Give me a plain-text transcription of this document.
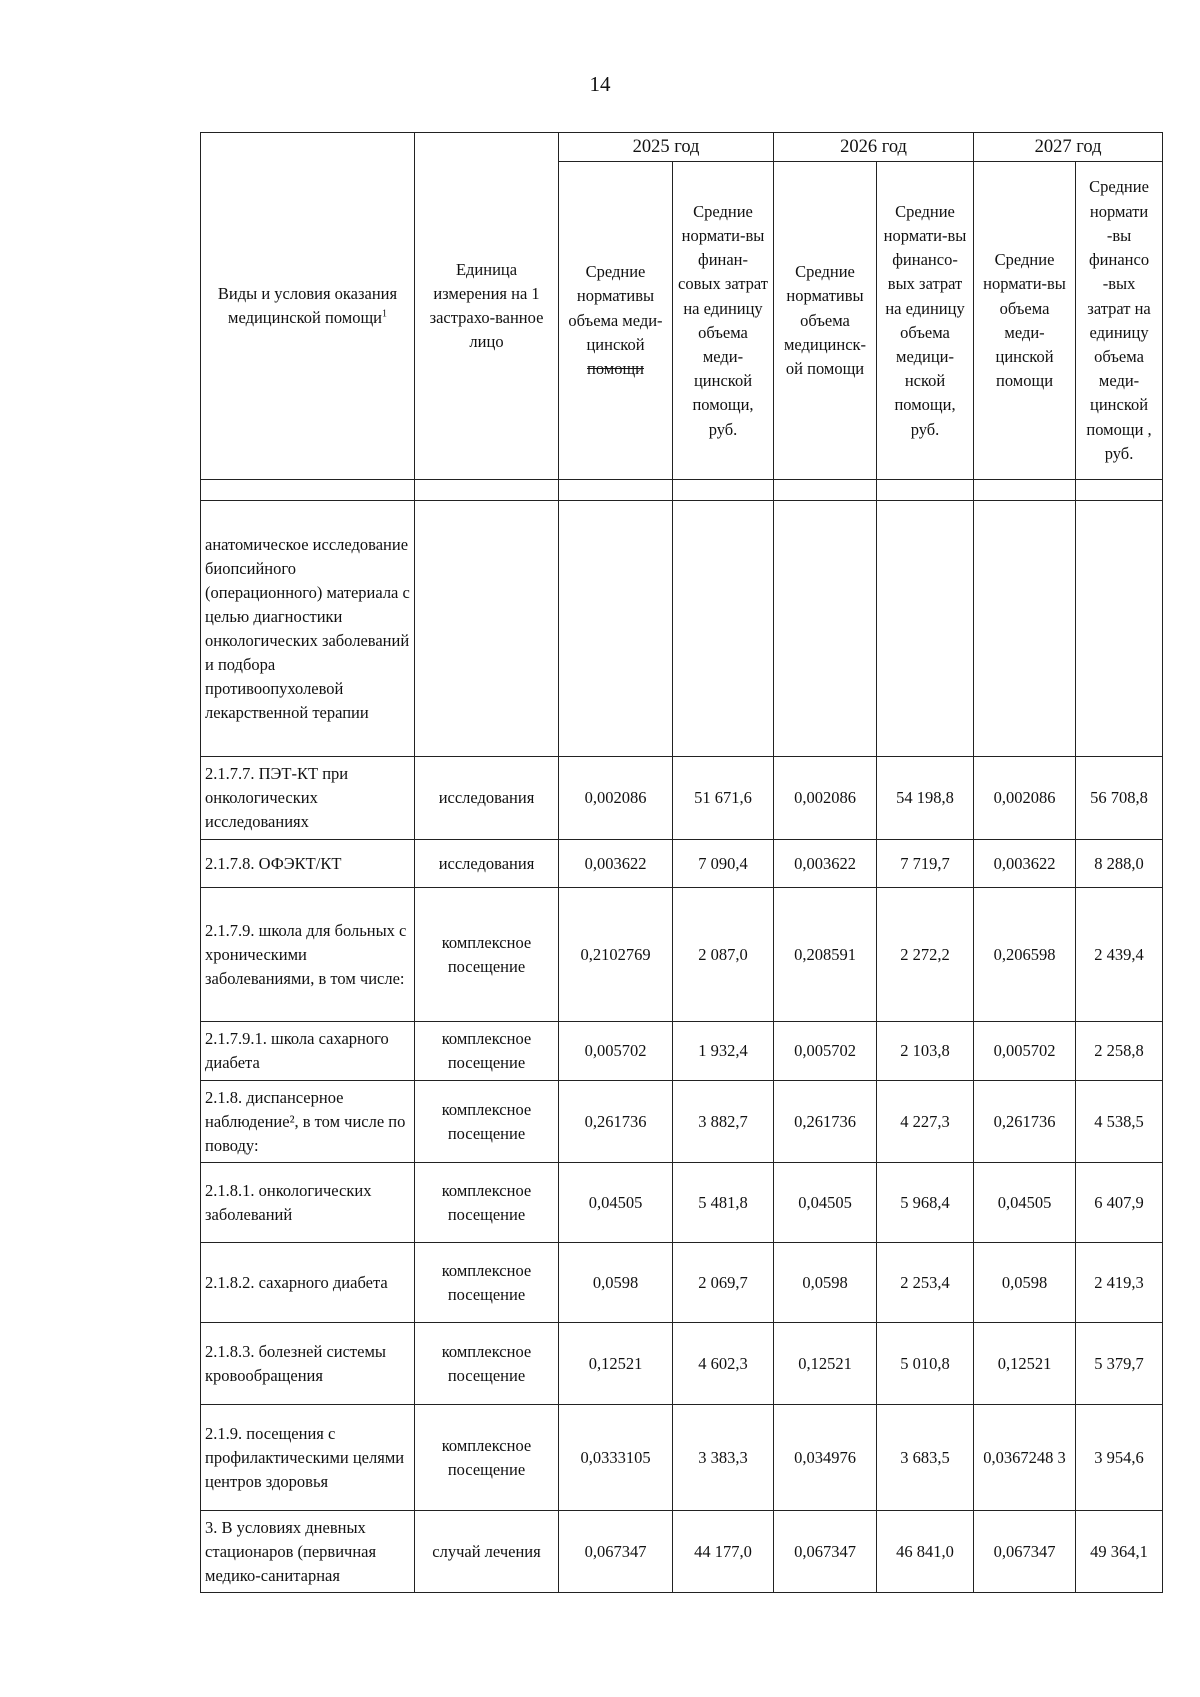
14
Виды и условия оказания медицинской помощи$^1$	Единица измерения на 1 застрахо-ванное лицо	2025 год		2026 год		2027 год	
		Средние нормативы объема меди-цинской помощи	Средние нормати-вы финан-совых затрат на единицу объема меди-цинской помощи, руб.	Средние нормативы объема медицинск-ой помощи	Средние нормати-вы финансо-вых затрат на единицу объема медици-нской помощи, руб.	Средние нормати-вы объема меди-цинской помощи	Средние нормати -вы финансо -вых затрат на единицу объема меди-цинской помощи , руб.

анатомическое исследование биопсийного (операционного) материала с целью диагностики онкологических заболеваний и подбора противоопухолевой лекарственной терапии							
2.1.7.7. ПЭТ-КТ при онкологических исследованиях	исследования	0,002086	51 671,6	0,002086	54 198,8	0,002086	56 708,8
2.1.7.8. ОФЭКТ/КТ	исследования	0,003622	7 090,4	0,003622	7 719,7	0,003622	8 288,0
2.1.7.9. школа для больных с хроническими заболеваниями, в том числе:	комплексное посещение	0,2102769	2 087,0	0,208591	2 272,2	0,206598	2 439,4
2.1.7.9.1. школа сахарного диабета	комплексное посещение	0,005702	1 932,4	0,005702	2 103,8	0,005702	2 258,8
2.1.8. диспансерное наблюдение², в том числе по поводу:	комплексное посещение	0,261736	3 882,7	0,261736	4 227,3	0,261736	4 538,5
2.1.8.1. онкологических заболеваний	комплексное посещение	0,04505	5 481,8	0,04505	5 968,4	0,04505	6 407,9
2.1.8.2. сахарного диабета	комплексное посещение	0,0598	2 069,7	0,0598	2 253,4	0,0598	2 419,3
2.1.8.3. болезней системы кровообращения	комплексное посещение	0,12521	4 602,3	0,12521	5 010,8	0,12521	5 379,7
2.1.9. посещения с профилактическими целями центров здоровья	комплексное посещение	0,0333105	3 383,3	0,034976	3 683,5	0,0367248 3	3 954,6
3. В условиях дневных стационаров (первичная медико-санитарная	случай лечения	0,067347	44 177,0	0,067347	46 841,0	0,067347	49 364,1
